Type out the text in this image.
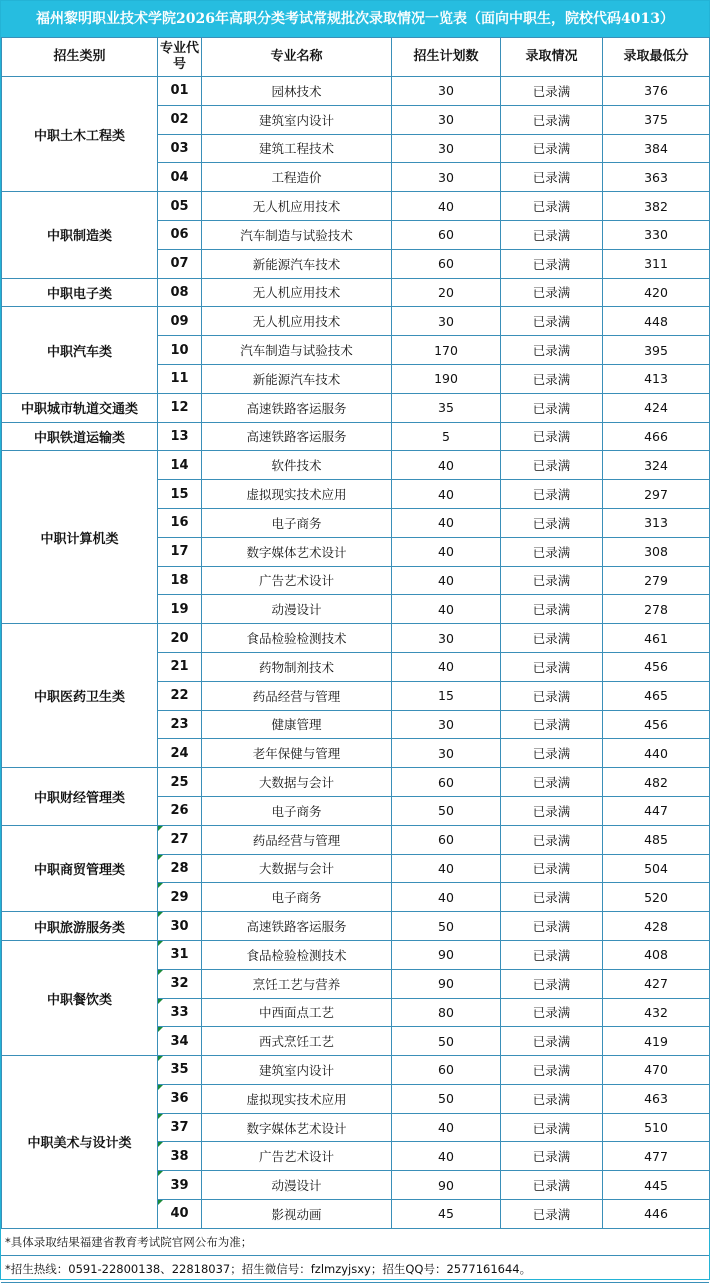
福州黎明职业技术学院2026年高职分类考试常规批次录取情况一览表（面向中职生，院校代码4013）
招生类别	专业代号	专业名称	招生计划数	录取情况	录取最低分
中职土木工程类	01	园林技术	30	已录满	376
	02	建筑室内设计	30	已录满	375
	03	建筑工程技术	30	已录满	384
	04	工程造价	30	已录满	363
中职制造类	05	无人机应用技术	40	已录满	382
	06	汽车制造与试验技术	60	已录满	330
	07	新能源汽车技术	60	已录满	311
中职电子类	08	无人机应用技术	20	已录满	420
中职汽车类	09	无人机应用技术	30	已录满	448
	10	汽车制造与试验技术	170	已录满	395
	11	新能源汽车技术	190	已录满	413
中职城市轨道交通类	12	高速铁路客运服务	35	已录满	424
中职铁道运输类	13	高速铁路客运服务	5	已录满	466
中职计算机类	14	软件技术	40	已录满	324
	15	虚拟现实技术应用	40	已录满	297
	16	电子商务	40	已录满	313
	17	数字媒体艺术设计	40	已录满	308
	18	广告艺术设计	40	已录满	279
	19	动漫设计	40	已录满	278
中职医药卫生类	20	食品检验检测技术	30	已录满	461
	21	药物制剂技术	40	已录满	456
	22	药品经营与管理	15	已录满	465
	23	健康管理	30	已录满	456
	24	老年保健与管理	30	已录满	440
中职财经管理类	25	大数据与会计	60	已录满	482
	26	电子商务	50	已录满	447
中职商贸管理类	27	药品经营与管理	60	已录满	485
	28	大数据与会计	40	已录满	504
	29	电子商务	40	已录满	520
中职旅游服务类	30	高速铁路客运服务	50	已录满	428
中职餐饮类	31	食品检验检测技术	90	已录满	408
	32	烹饪工艺与营养	90	已录满	427
	33	中西面点工艺	80	已录满	432
	34	西式烹饪工艺	50	已录满	419
中职美术与设计类	35	建筑室内设计	60	已录满	470
	36	虚拟现实技术应用	50	已录满	463
	37	数字媒体艺术设计	40	已录满	510
	38	广告艺术设计	40	已录满	477
	39	动漫设计	90	已录满	445
	40	影视动画	45	已录满	446
*具体录取结果福建省教育考试院官网公布为准；
*招生热线：0591-22800138、22818037；招生微信号：fzlmzyjsxy；招生QQ号：2577161644。
